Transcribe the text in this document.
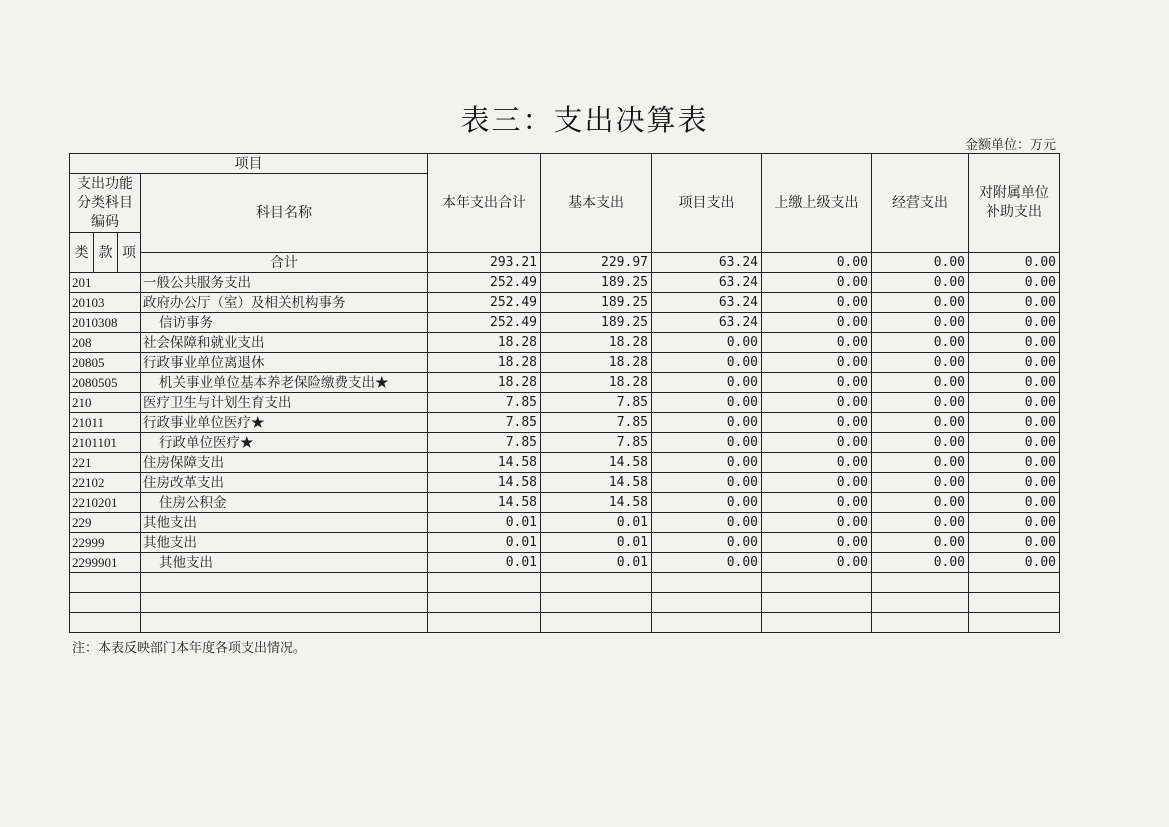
表三：支出决算表
金额单位：万元
项目				本年支出合计	基本支出	项目支出	上缴上级支出	经营支出	对附属单位补助支出	
支出功能分类科目编码			科目名称							
类	款	项							
			合计	293.21	229.97	63.24	0.00	0.00	0.00	
201			一般公共服务支出	252.49	189.25	63.24	0.00	0.00	0.00	
20103			政府办公厅（室）及相关机构事务	252.49	189.25	63.24	0.00	0.00	0.00	
2010308			信访事务	252.49	189.25	63.24	0.00	0.00	0.00	
208			社会保障和就业支出	18.28	18.28	0.00	0.00	0.00	0.00	
20805			行政事业单位离退休	18.28	18.28	0.00	0.00	0.00	0.00	
2080505			机关事业单位基本养老保险缴费支出★	18.28	18.28	0.00	0.00	0.00	0.00	
210			医疗卫生与计划生育支出	7.85	7.85	0.00	0.00	0.00	0.00	
21011			行政事业单位医疗★	7.85	7.85	0.00	0.00	0.00	0.00	
2101101			行政单位医疗★	7.85	7.85	0.00	0.00	0.00	0.00	
221			住房保障支出	14.58	14.58	0.00	0.00	0.00	0.00	
22102			住房改革支出	14.58	14.58	0.00	0.00	0.00	0.00	
2210201			住房公积金	14.58	14.58	0.00	0.00	0.00	0.00	
229			其他支出	0.01	0.01	0.00	0.00	0.00	0.00	
22999			其他支出	0.01	0.01	0.00	0.00	0.00	0.00	
2299901			其他支出	0.01	0.01	0.00	0.00	0.00	0.00	

注：本表反映部门本年度各项支出情况。
